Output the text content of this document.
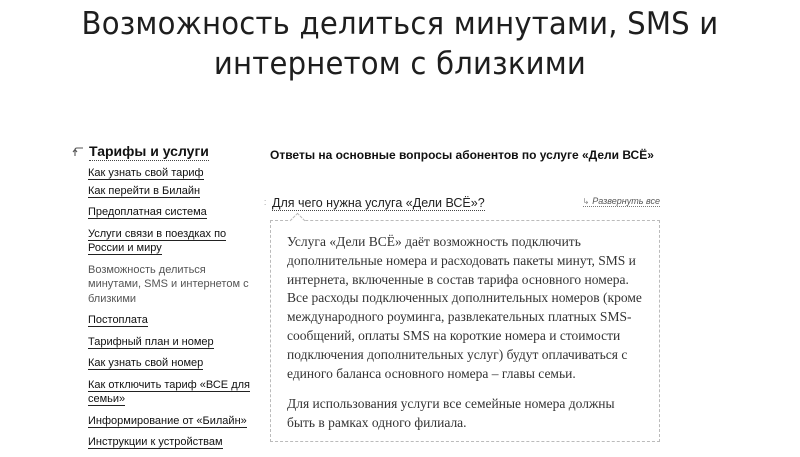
Возможность делиться минутами, SMS и
интернетом с близкими
Тарифы и услуги
Как узнать свой тариф
Как перейти в Билайн
Предоплатная система
Услуги связи в поездках по России и миру
Возможность делиться минутами, SMS и интернетом с близкими
Постоплата
Тарифный план и номер
Как узнать свой номер
Как отключить тариф «ВСЕ для семьи»
Информирование от «Билайн»
Инструкции к устройствам
Ответы на основные вопросы абонентов по услуге «Дели ВСЁ»
⁚ Для чего нужна услуга «Дели ВСЁ»?	↳ Развернуть все

Услуга «Дели ВСЁ» даёт возможность подключить дополнительные номера и расходовать пакеты минут, SMS и интернета, включенные в состав тарифа основного номера. Все расходы подключенных дополнительных номеров (кроме международного роуминга, развлекательных платных SMS-сообщений, оплаты SMS на короткие номера и стоимости подключения дополнительных услуг) будут оплачиваться с единого баланса основного номера – главы семьи.

Для использования услуги все семейные номера должны быть в рамках одного филиала.
